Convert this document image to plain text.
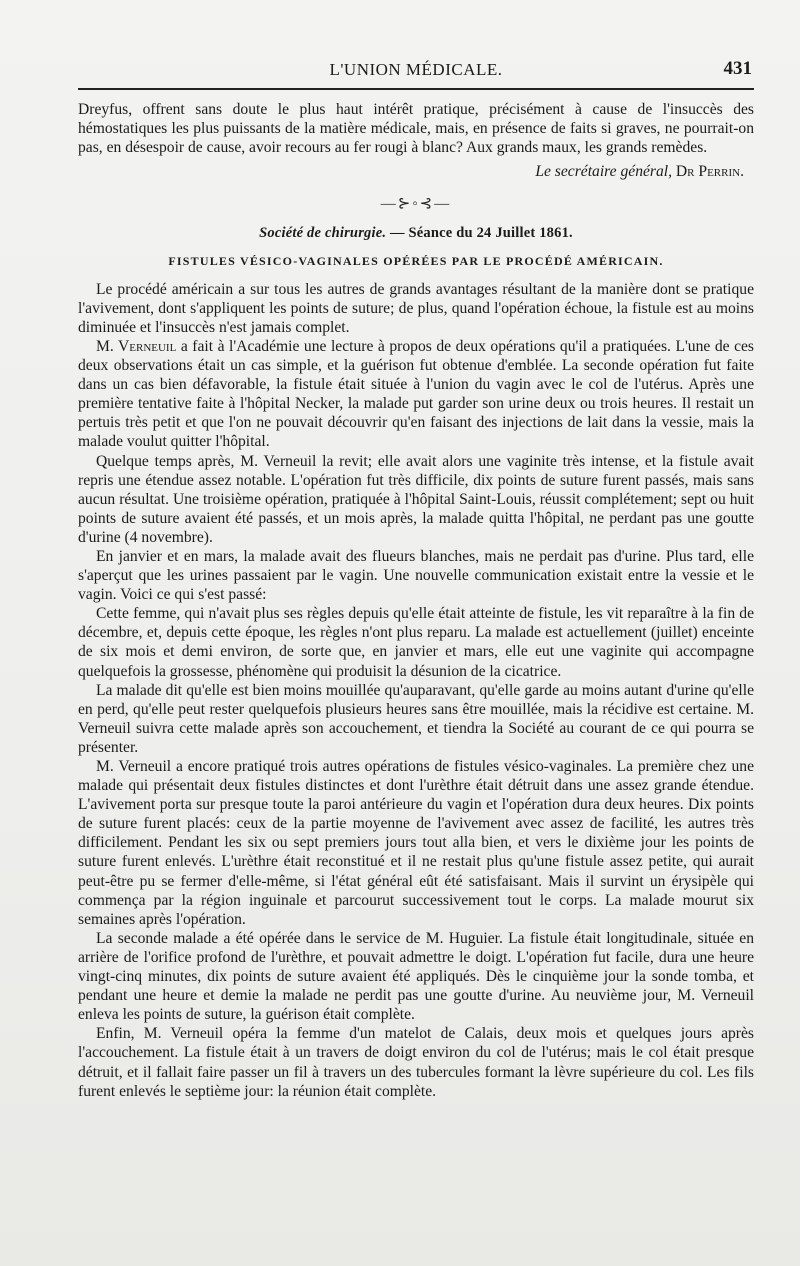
L'UNION MÉDICALE.	431

Dreyfus, offrent sans doute le plus haut intérêt pratique, précisément à cause de l'insuccès des hémostatiques les plus puissants de la matière médicale, mais, en présence de faits si graves, ne pourrait-on pas, en désespoir de cause, avoir recours au fer rougi à blanc? Aux grands maux, les grands remèdes.

Le secrétaire général, Dr Perrin.

—⊱◦⊰—

Société de chirurgie. — Séance du 24 Juillet 1861.

FISTULES VÉSICO-VAGINALES OPÉRÉES PAR LE PROCÉDÉ AMÉRICAIN.

Le procédé américain a sur tous les autres de grands avantages résultant de la manière dont se pratique l'avivement, dont s'appliquent les points de suture; de plus, quand l'opération échoue, la fistule est au moins diminuée et l'insuccès n'est jamais complet.

M. Verneuil a fait à l'Académie une lecture à propos de deux opérations qu'il a pratiquées. L'une de ces deux observations était un cas simple, et la guérison fut obtenue d'emblée. La seconde opération fut faite dans un cas bien défavorable, la fistule était située à l'union du vagin avec le col de l'utérus. Après une première tentative faite à l'hôpital Necker, la malade put garder son urine deux ou trois heures. Il restait un pertuis très petit et que l'on ne pouvait découvrir qu'en faisant des injections de lait dans la vessie, mais la malade voulut quitter l'hôpital.

Quelque temps après, M. Verneuil la revit; elle avait alors une vaginite très intense, et la fistule avait repris une étendue assez notable. L'opération fut très difficile, dix points de suture furent passés, mais sans aucun résultat. Une troisième opération, pratiquée à l'hôpital Saint-Louis, réussit complétement; sept ou huit points de suture avaient été passés, et un mois après, la malade quitta l'hôpital, ne perdant pas une goutte d'urine (4 novembre).

En janvier et en mars, la malade avait des flueurs blanches, mais ne perdait pas d'urine. Plus tard, elle s'aperçut que les urines passaient par le vagin. Une nouvelle communication existait entre la vessie et le vagin. Voici ce qui s'est passé:

Cette femme, qui n'avait plus ses règles depuis qu'elle était atteinte de fistule, les vit reparaître à la fin de décembre, et, depuis cette époque, les règles n'ont plus reparu. La malade est actuellement (juillet) enceinte de six mois et demi environ, de sorte que, en janvier et mars, elle eut une vaginite qui accompagne quelquefois la grossesse, phénomène qui produisit la désunion de la cicatrice.

La malade dit qu'elle est bien moins mouillée qu'auparavant, qu'elle garde au moins autant d'urine qu'elle en perd, qu'elle peut rester quelquefois plusieurs heures sans être mouillée, mais la récidive est certaine. M. Verneuil suivra cette malade après son accouchement, et tiendra la Société au courant de ce qui pourra se présenter.

M. Verneuil a encore pratiqué trois autres opérations de fistules vésico-vaginales. La première chez une malade qui présentait deux fistules distinctes et dont l'urèthre était détruit dans une assez grande étendue. L'avivement porta sur presque toute la paroi antérieure du vagin et l'opération dura deux heures. Dix points de suture furent placés: ceux de la partie moyenne de l'avivement avec assez de facilité, les autres très difficilement. Pendant les six ou sept premiers jours tout alla bien, et vers le dixième jour les points de suture furent enlevés. L'urèthre était reconstitué et il ne restait plus qu'une fistule assez petite, qui aurait peut-être pu se fermer d'elle-même, si l'état général eût été satisfaisant. Mais il survint un érysipèle qui commença par la région inguinale et parcourut successivement tout le corps. La malade mourut six semaines après l'opération.

La seconde malade a été opérée dans le service de M. Huguier. La fistule était longitudinale, située en arrière de l'orifice profond de l'urèthre, et pouvait admettre le doigt. L'opération fut facile, dura une heure vingt-cinq minutes, dix points de suture avaient été appliqués. Dès le cinquième jour la sonde tomba, et pendant une heure et demie la malade ne perdit pas une goutte d'urine. Au neuvième jour, M. Verneuil enleva les points de suture, la guérison était complète.

Enfin, M. Verneuil opéra la femme d'un matelot de Calais, deux mois et quelques jours après l'accouchement. La fistule était à un travers de doigt environ du col de l'utérus; mais le col était presque détruit, et il fallait faire passer un fil à travers un des tubercules formant la lèvre supérieure du col. Les fils furent enlevés le septième jour: la réunion était complète.
